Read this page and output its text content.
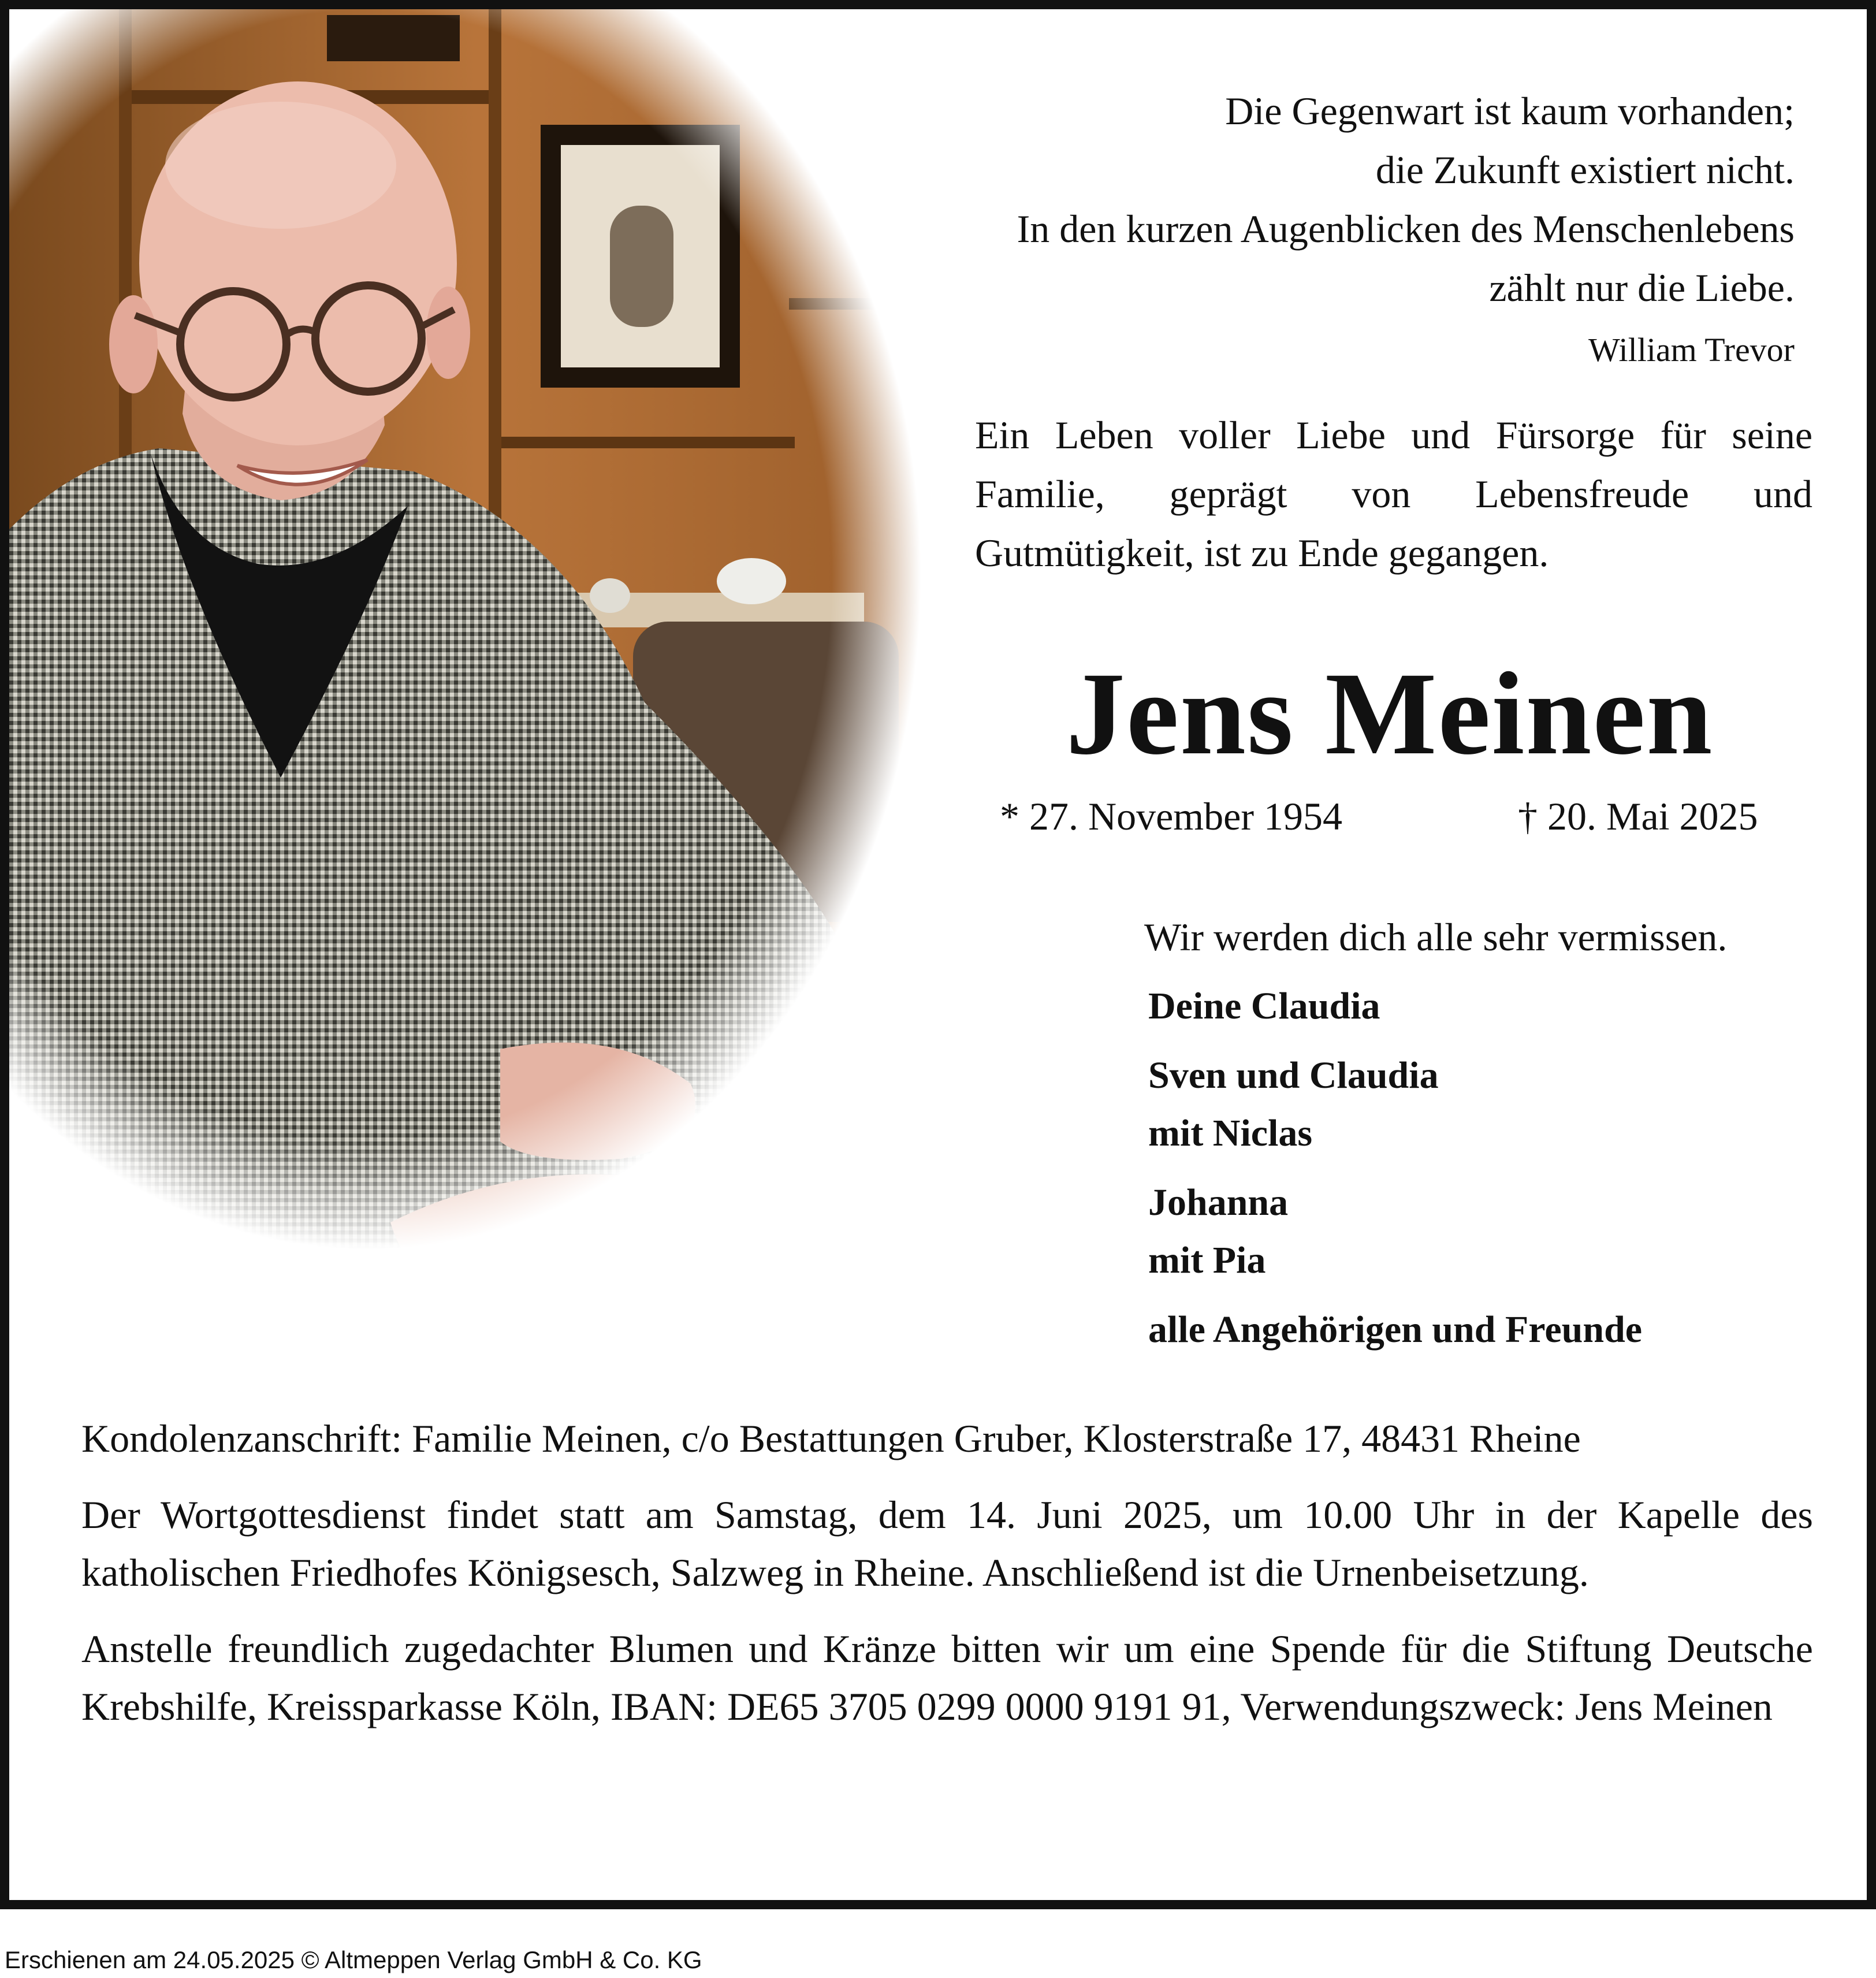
Die Gegenwart ist kaum vorhanden;
die Zukunft existiert nicht.
In den kurzen Augenblicken des Menschenlebens
zählt nur die Liebe.
William Trevor
Ein Leben voller Liebe und Fürsorge für seine Familie, geprägt von Lebensfreude und Gutmütigkeit, ist zu Ende gegangen.
Jens Meinen
* 27. November 1954	† 20. Mai 2025
Wir werden dich alle sehr vermissen.
Deine Claudia
Sven und Claudia
mit Niclas
Johanna
mit Pia
alle Angehörigen und Freunde

Kondolenzanschrift: Familie Meinen, c/o Bestattungen Gruber, Klosterstraße 17, 48431 Rheine

Der Wortgottesdienst findet statt am Samstag, dem 14. Juni 2025, um 10.00 Uhr in der Kapelle des katholischen Friedhofes Königsesch, Salzweg in Rheine. Anschließend ist die Urnenbeisetzung.

Anstelle freundlich zugedachter Blumen und Kränze bitten wir um eine Spende für die Stiftung Deutsche Krebshilfe, Kreissparkasse Köln, IBAN: DE65 3705 0299 0000 9191 91, Verwendungszweck: Jens Meinen

Erschienen am 24.05.2025 © Altmeppen Verlag GmbH & Co. KG
